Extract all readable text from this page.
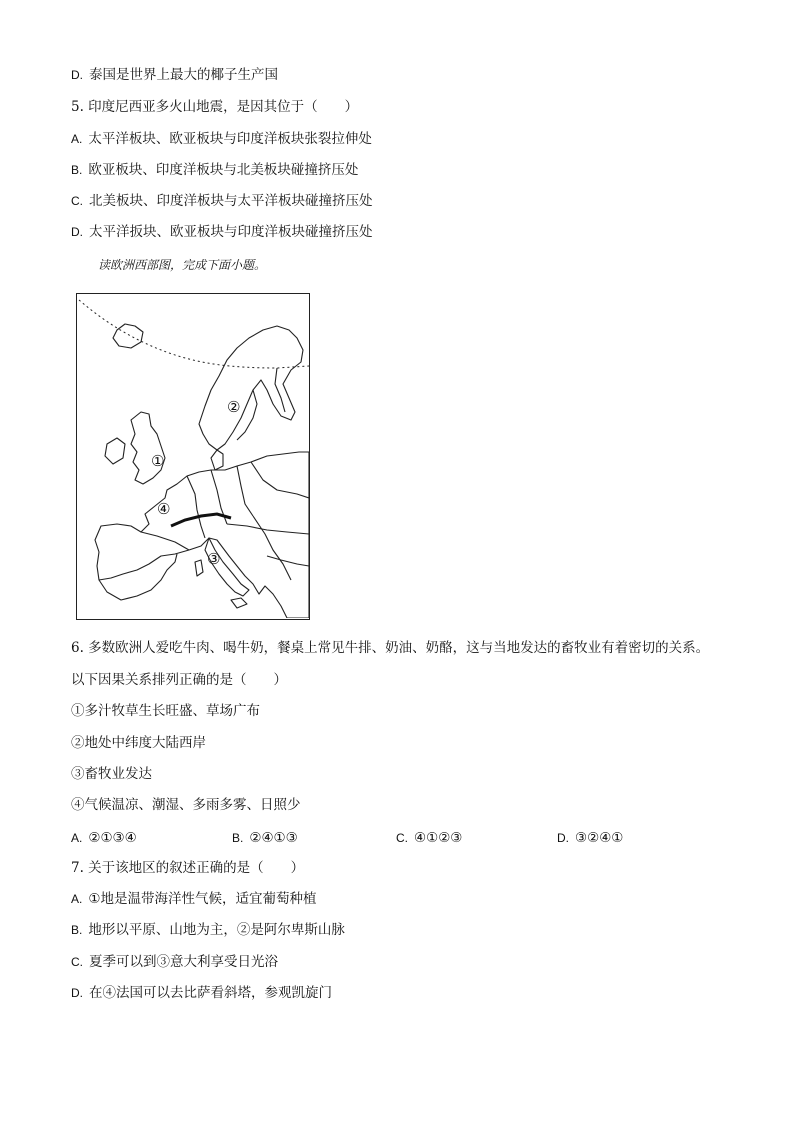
D. 泰国是世界上最大的椰子生产国
5. 印度尼西亚多火山地震，是因其位于（　　）
A. 太平洋板块、欧亚板块与印度洋板块张裂拉伸处
B. 欧亚板块、印度洋板块与北美板块碰撞挤压处
C. 北美板块、印度洋板块与太平洋板块碰撞挤压处
D. 太平洋扳块、欧亚板块与印度洋板块碰撞挤压处
读欧洲西部图，完成下面小题。
①
②
③
④
6. 多数欧洲人爱吃牛肉、喝牛奶，餐桌上常见牛排、奶油、奶酪，这与当地发达的畜牧业有着密切的关系。
以下因果关系排列正确的是（　　）
①多汁牧草生长旺盛、草场广布
②地处中纬度大陆西岸
③畜牧业发达
④气候温凉、潮湿、多雨多雾、日照少
A. ②①③④	B. ②④①③	C. ④①②③	D. ③②④①
7. 关于该地区的叙述正确的是（　　）
A. ①地是温带海洋性气候，适宜葡萄种植
B. 地形以平原、山地为主，②是阿尔卑斯山脉
C. 夏季可以到③意大利享受日光浴
D. 在④法国可以去比萨看斜塔，参观凯旋门
